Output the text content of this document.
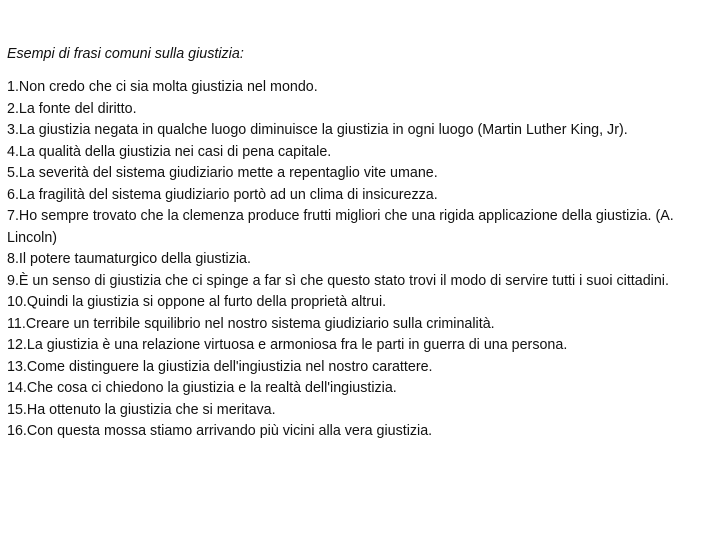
Esempi di frasi comuni sulla giustizia:
1.Non credo che ci sia molta giustizia nel mondo.
2.La fonte del diritto.
3.La giustizia negata in qualche luogo diminuisce la giustizia in ogni luogo (Martin Luther King, Jr).
4.La qualità della giustizia nei casi di pena capitale.
5.La severità del sistema giudiziario mette a repentaglio vite umane.
6.La fragilità del sistema giudiziario portò ad un clima di insicurezza.
7.Ho sempre trovato che la clemenza produce frutti migliori che una rigida applicazione della giustizia. (A. Lincoln)
8.Il potere taumaturgico della giustizia.
9.È un senso di giustizia che ci spinge a far sì che questo stato trovi il modo di servire tutti i suoi cittadini.
10.Quindi la giustizia si oppone al furto della proprietà altrui.
11.Creare un terribile squilibrio nel nostro sistema giudiziario sulla criminalità.
12.La giustizia è una relazione virtuosa e armoniosa fra le parti in guerra di una persona.
13.Come distinguere la giustizia dell'ingiustizia nel nostro carattere.
14.Che cosa ci chiedono la giustizia e la realtà dell'ingiustizia.
15.Ha ottenuto la giustizia che si meritava.
16.Con questa mossa stiamo arrivando più vicini alla vera giustizia.
